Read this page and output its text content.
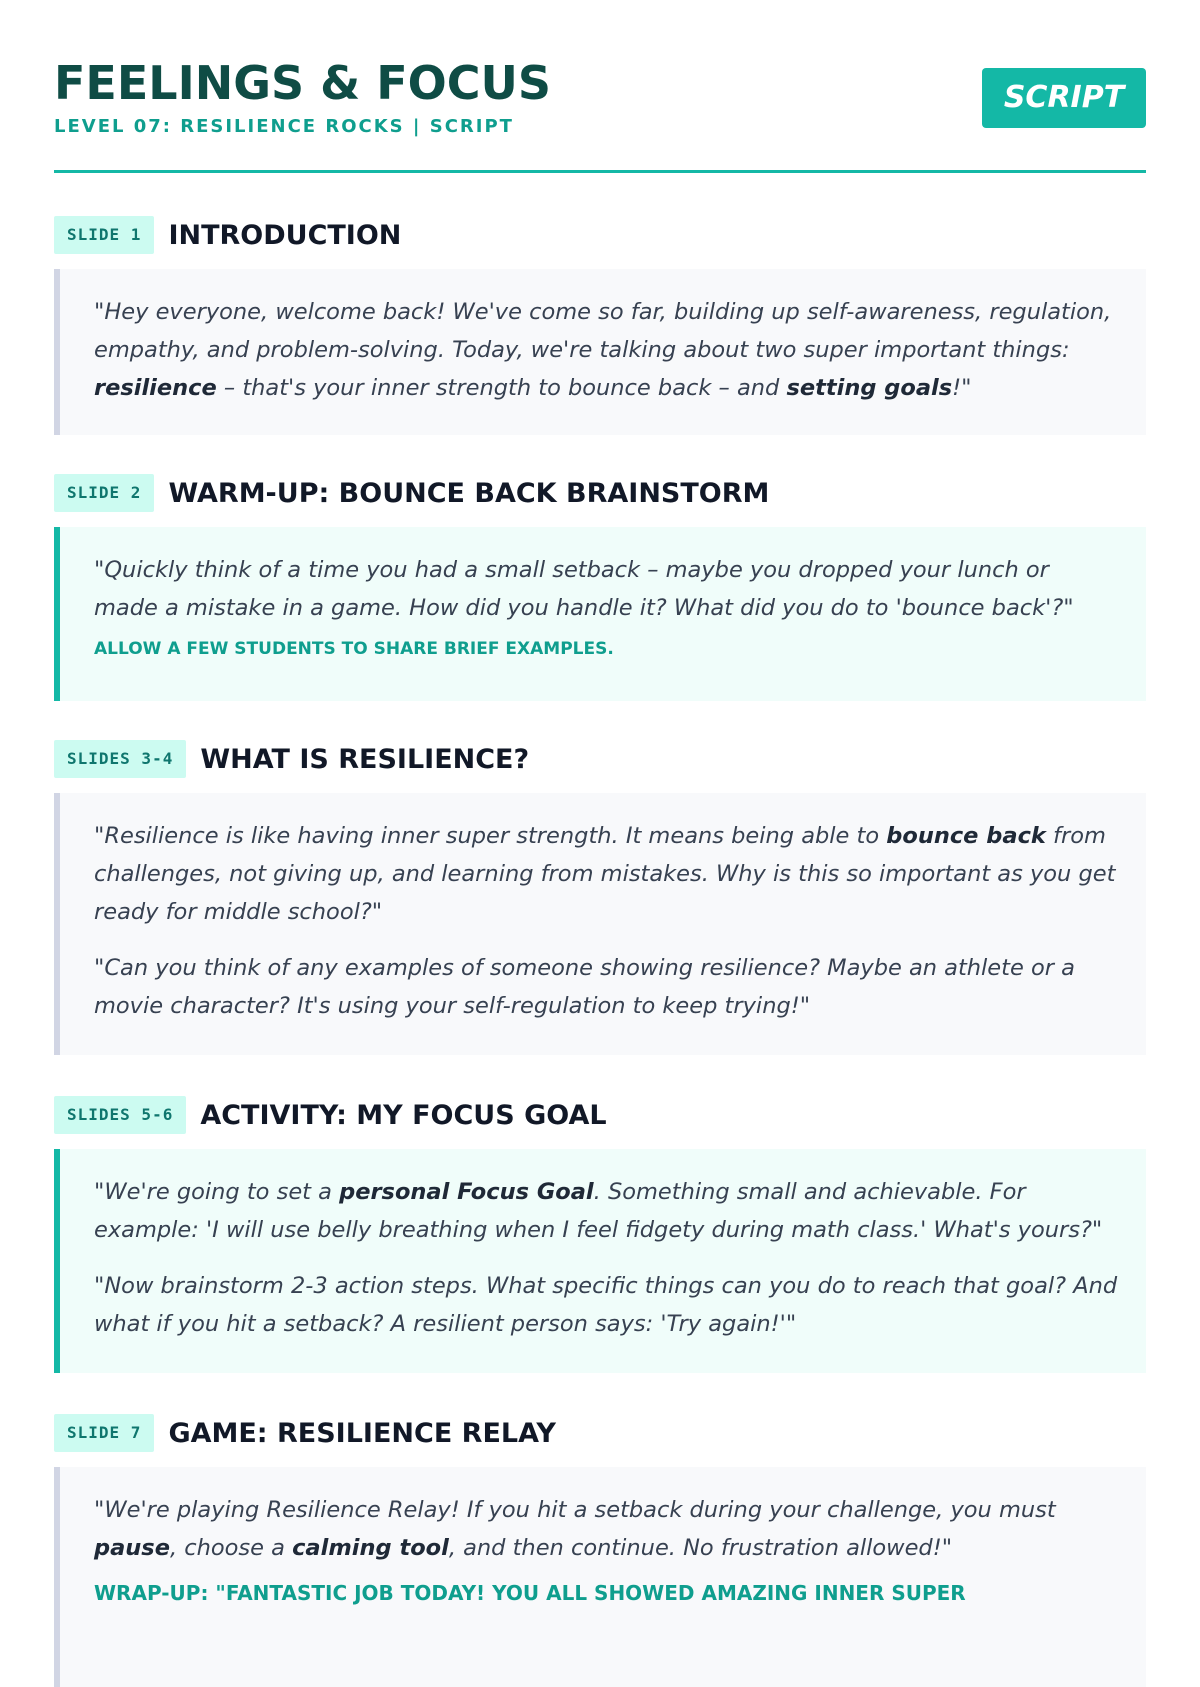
FEELINGS & FOCUS
LEVEL 07: RESILIENCE ROCKS | SCRIPT
SCRIPT
SLIDE 1	INTRODUCTION

"Hey everyone, welcome back! We've come so far, building up self-awareness, regulation, empathy, and problem-solving. Today, we're talking about two super important things: resilience – that's your inner strength to bounce back – and setting goals!"

SLIDE 2	WARM-UP: BOUNCE BACK BRAINSTORM

"Quickly think of a time you had a small setback – maybe you dropped your lunch or made a mistake in a game. How did you handle it? What did you do to 'bounce back'?"

ALLOW A FEW STUDENTS TO SHARE BRIEF EXAMPLES.
SLIDES 3-4	WHAT IS RESILIENCE?

"Resilience is like having inner super strength. It means being able to bounce back from challenges, not giving up, and learning from mistakes. Why is this so important as you get ready for middle school?"

"Can you think of any examples of someone showing resilience? Maybe an athlete or a movie character? It's using your self-regulation to keep trying!"

SLIDES 5-6	ACTIVITY: MY FOCUS GOAL

"We're going to set a personal Focus Goal. Something small and achievable. For example: 'I will use belly breathing when I feel fidgety during math class.' What's yours?"

"Now brainstorm 2-3 action steps. What specific things can you do to reach that goal? And what if you hit a setback? A resilient person says: 'Try again!'"

SLIDE 7	GAME: RESILIENCE RELAY

"We're playing Resilience Relay! If you hit a setback during your challenge, you must pause, choose a calming tool, and then continue. No frustration allowed!"

WRAP-UP: "FANTASTIC JOB TODAY! YOU ALL SHOWED AMAZING INNER SUPER
